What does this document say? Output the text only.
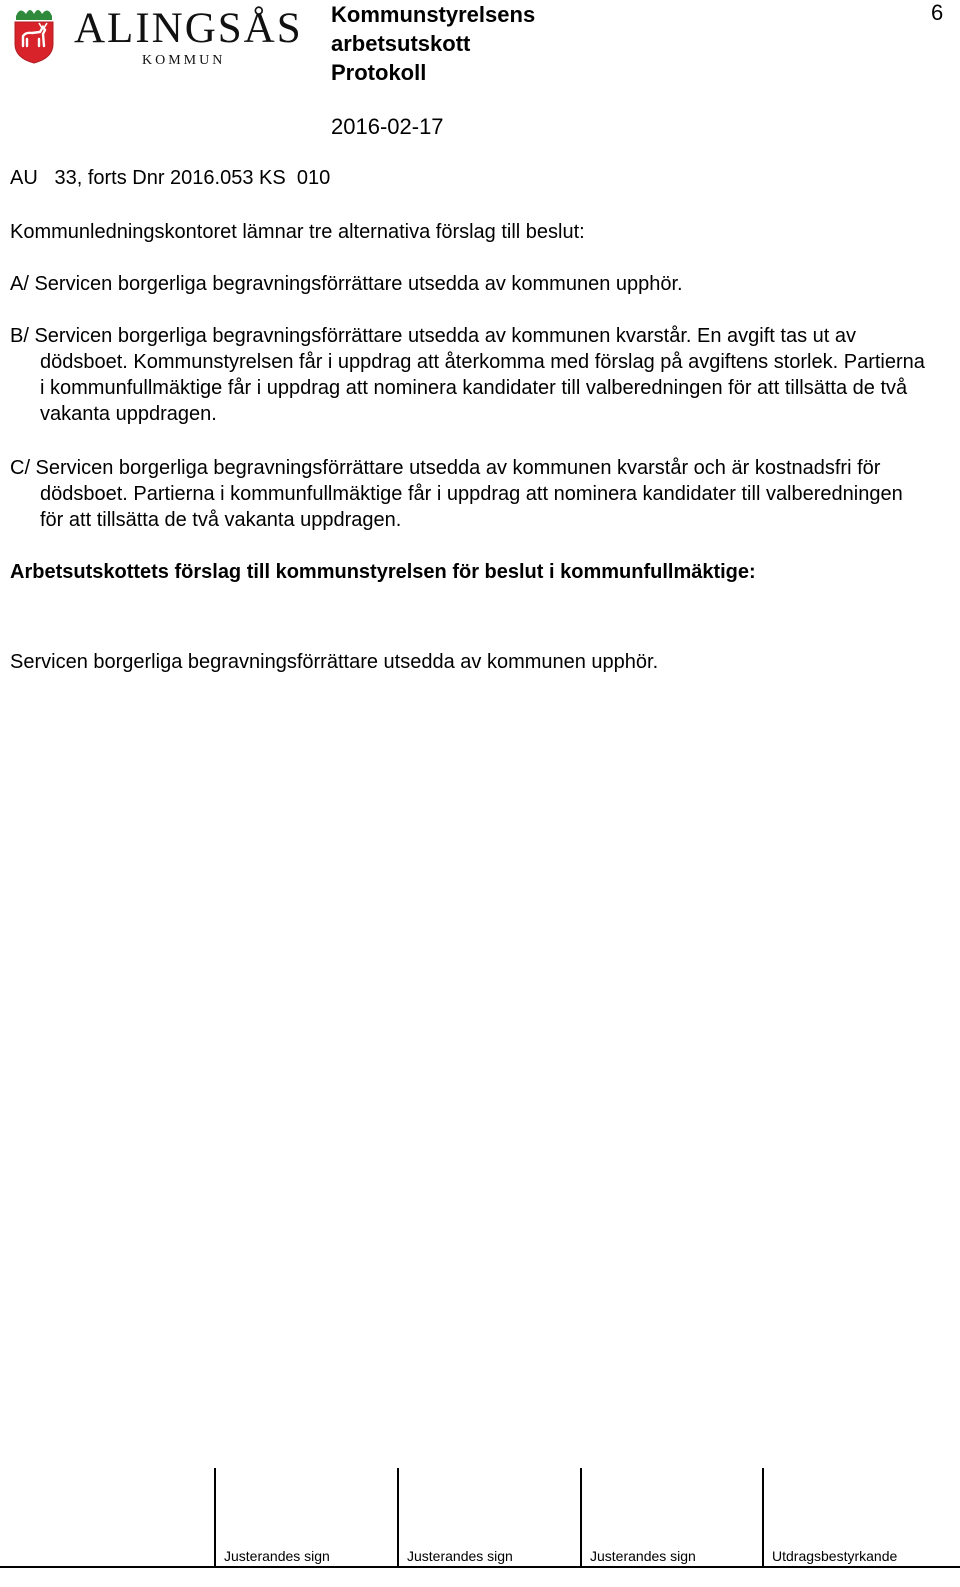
ALINGSÅS
KOMMUN
Kommunstyrelsens
arbetsutskott
Protokoll
2016-02-17
6
AU   33, forts Dnr 2016.053 KS  010

Kommunledningskontoret lämnar tre alternativa förslag till beslut:

A/ Servicen borgerliga begravningsförrättare utsedda av kommunen upphör.

B/ Servicen borgerliga begravningsförrättare utsedda av kommunen kvarstår. En avgift tas ut av dödsboet. Kommunstyrelsen får i uppdrag att återkomma med förslag på avgiftens storlek. Partierna i kommunfullmäktige får i uppdrag att nominera kandidater till valberedningen för att tillsätta de två vakanta uppdragen.

C/ Servicen borgerliga begravningsförrättare utsedda av kommunen kvarstår och är kostnadsfri för dödsboet. Partierna i kommunfullmäktige får i uppdrag att nominera kandidater till valberedningen för att tillsätta de två vakanta uppdragen.

Arbetsutskottets förslag till kommunstyrelsen för beslut i kommunfullmäktige:

Servicen borgerliga begravningsförrättare utsedda av kommunen upphör.

Justerandes sign	Justerandes sign	Justerandes sign	Utdragsbestyrkande
